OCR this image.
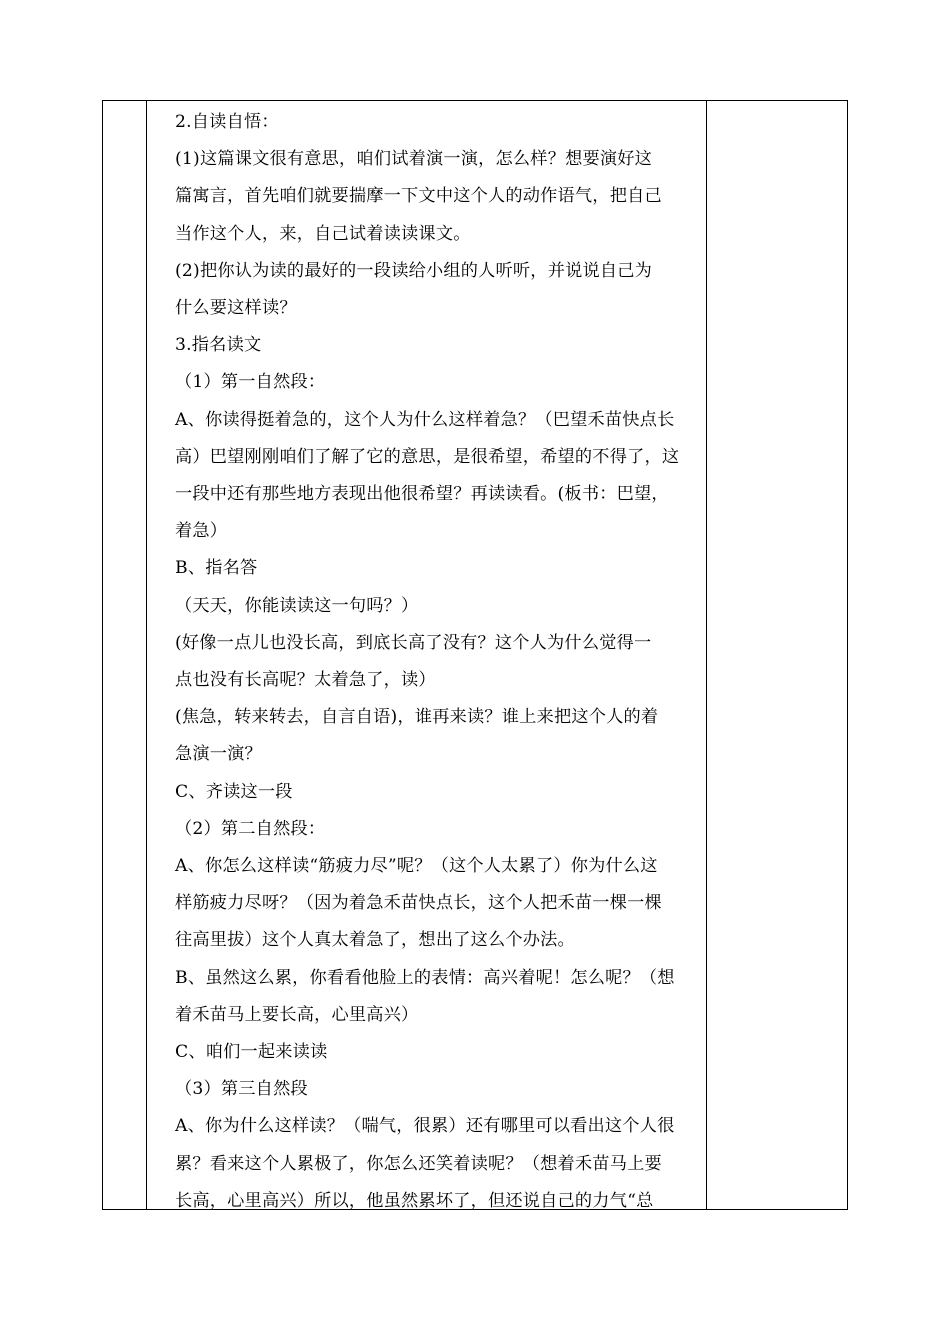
2.自读自悟：

(1)这篇课文很有意思，咱们试着演一演，怎么样？想要演好这

篇寓言，首先咱们就要揣摩一下文中这个人的动作语气，把自己

当作这个人，来，自己试着读读课文。

(2)把你认为读的最好的一段读给小组的人听听，并说说自己为

什么要这样读？

3.指名读文

（1）第一自然段：

A、你读得挺着急的，这个人为什么这样着急？（巴望禾苗快点长

高）巴望刚刚咱们了解了它的意思，是很希望，希望的不得了，这

一段中还有那些地方表现出他很希望？再读读看。(板书：巴望，

着急）

B、指名答

（天天，你能读读这一句吗？）

(好像一点儿也没长高，到底长高了没有？这个人为什么觉得一

点也没有长高呢？太着急了，读）

(焦急，转来转去，自言自语)，谁再来读？谁上来把这个人的着

急演一演？

C、齐读这一段

（2）第二自然段：

A、你怎么这样读“筋疲力尽”呢？（这个人太累了）你为什么这

样筋疲力尽呀？（因为着急禾苗快点长，这个人把禾苗一棵一棵

往高里拔）这个人真太着急了，想出了这么个办法。

B、虽然这么累，你看看他脸上的表情：高兴着呢！怎么呢？（想

着禾苗马上要长高，心里高兴）

C、咱们一起来读读

（3）第三自然段

A、你为什么这样读？（喘气，很累）还有哪里可以看出这个人很

累？看来这个人累极了，你怎么还笑着读呢？（想着禾苗马上要

长高，心里高兴）所以，他虽然累坏了，但还说自己的力气“总
